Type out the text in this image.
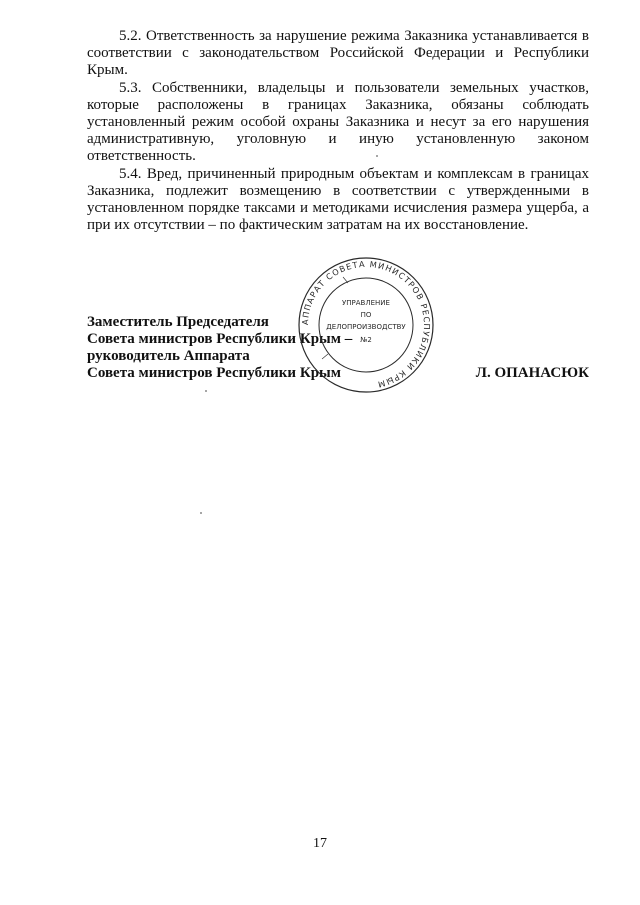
5.2. Ответственность за нарушение режима Заказника устанавливается в соответствии с законодательством Российской Федерации и Республики Крым.

5.3. Собственники, владельцы и пользователи земельных участков, которые расположены в границах Заказника, обязаны соблюдать установленный режим особой охраны Заказника и несут за его нарушения административную, уголовную и иную установленную законом ответственность.

5.4. Вред, причиненный природным объектам и комплексам в границах Заказника, подлежит возмещению в соответствии с утвержденными в установленном порядке таксами и методиками исчисления размера ущерба, а при их отсутствии – по фактическим затратам на их восстановление.

Заместитель Председателя
Совета министров Республики Крым –
руководитель Аппарата
Совета министров Республики Крым	Л. ОПАНАСЮК
АППАРАТ СОВЕТА МИНИСТРОВ РЕСПУБЛИКИ КРЫМ
УПРАВЛЕНИЕ
ПО
ДЕЛОПРОИЗВОДСТВУ
№2
17
